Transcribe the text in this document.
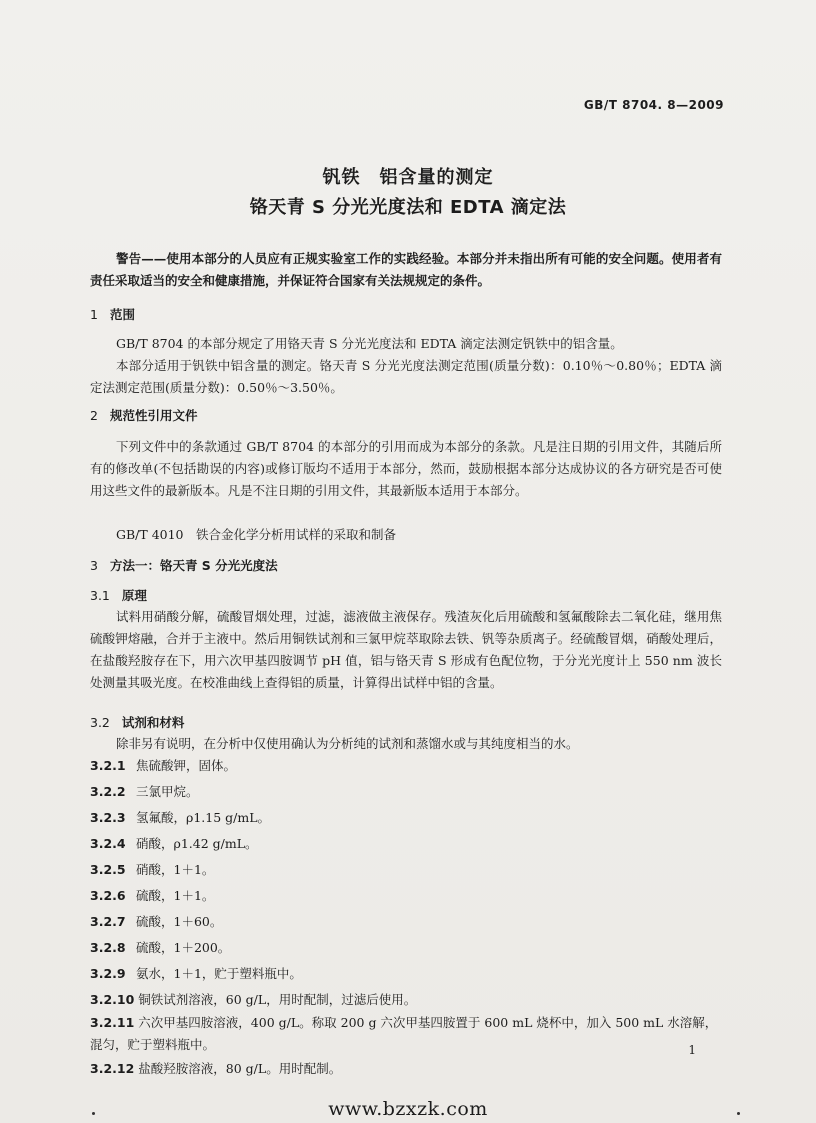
GB/T 8704. 8—2009
钒铁　铝含量的测定
铬天青 S 分光光度法和 EDTA 滴定法
警告——使用本部分的人员应有正规实验室工作的实践经验。本部分并未指出所有可能的安全问题。使用者有责任采取适当的安全和健康措施，并保证符合国家有关法规规定的条件。
1 范围
GB/T 8704 的本部分规定了用铬天青 S 分光光度法和 EDTA 滴定法测定钒铁中的铝含量。
本部分适用于钒铁中铝含量的测定。铬天青 S 分光光度法测定范围(质量分数)：0.10％～0.80％；EDTA 滴定法测定范围(质量分数)：0.50％～3.50％。
2 规范性引用文件
下列文件中的条款通过 GB/T 8704 的本部分的引用而成为本部分的条款。凡是注日期的引用文件，其随后所有的修改单(不包括勘误的内容)或修订版均不适用于本部分，然而，鼓励根据本部分达成协议的各方研究是否可使用这些文件的最新版本。凡是不注日期的引用文件，其最新版本适用于本部分。
GB/T 4010　铁合金化学分析用试样的采取和制备
3 方法一：铬天青 S 分光光度法
3.1 原理
试料用硝酸分解，硫酸冒烟处理，过滤，滤液做主液保存。残渣灰化后用硫酸和氢氟酸除去二氧化硅，继用焦硫酸钾熔融，合并于主液中。然后用铜铁试剂和三氯甲烷萃取除去铁、钒等杂质离子。经硫酸冒烟，硝酸处理后，在盐酸羟胺存在下，用六次甲基四胺调节 pH 值，铝与铬天青 S 形成有色配位物，于分光光度计上 550 nm 波长处测量其吸光度。在校准曲线上查得铝的质量，计算得出试样中铝的含量。
3.2 试剂和材料
除非另有说明，在分析中仅使用确认为分析纯的试剂和蒸馏水或与其纯度相当的水。
3.2.1 焦硫酸钾，固体。
3.2.2 三氯甲烷。
3.2.3 氢氟酸，ρ1.15 g/mL。
3.2.4 硝酸，ρ1.42 g/mL。
3.2.5 硝酸，1＋1。
3.2.6 硫酸，1＋1。
3.2.7 硫酸，1＋60。
3.2.8 硫酸，1＋200。
3.2.9 氨水，1＋1，贮于塑料瓶中。
3.2.10 铜铁试剂溶液，60 g/L，用时配制，过滤后使用。
3.2.11 六次甲基四胺溶液，400 g/L。称取 200 g 六次甲基四胺置于 600 mL 烧杯中，加入 500 mL 水溶解，混匀，贮于塑料瓶中。
3.2.12 盐酸羟胺溶液，80 g/L。用时配制。
1
www.bzxzk.com
